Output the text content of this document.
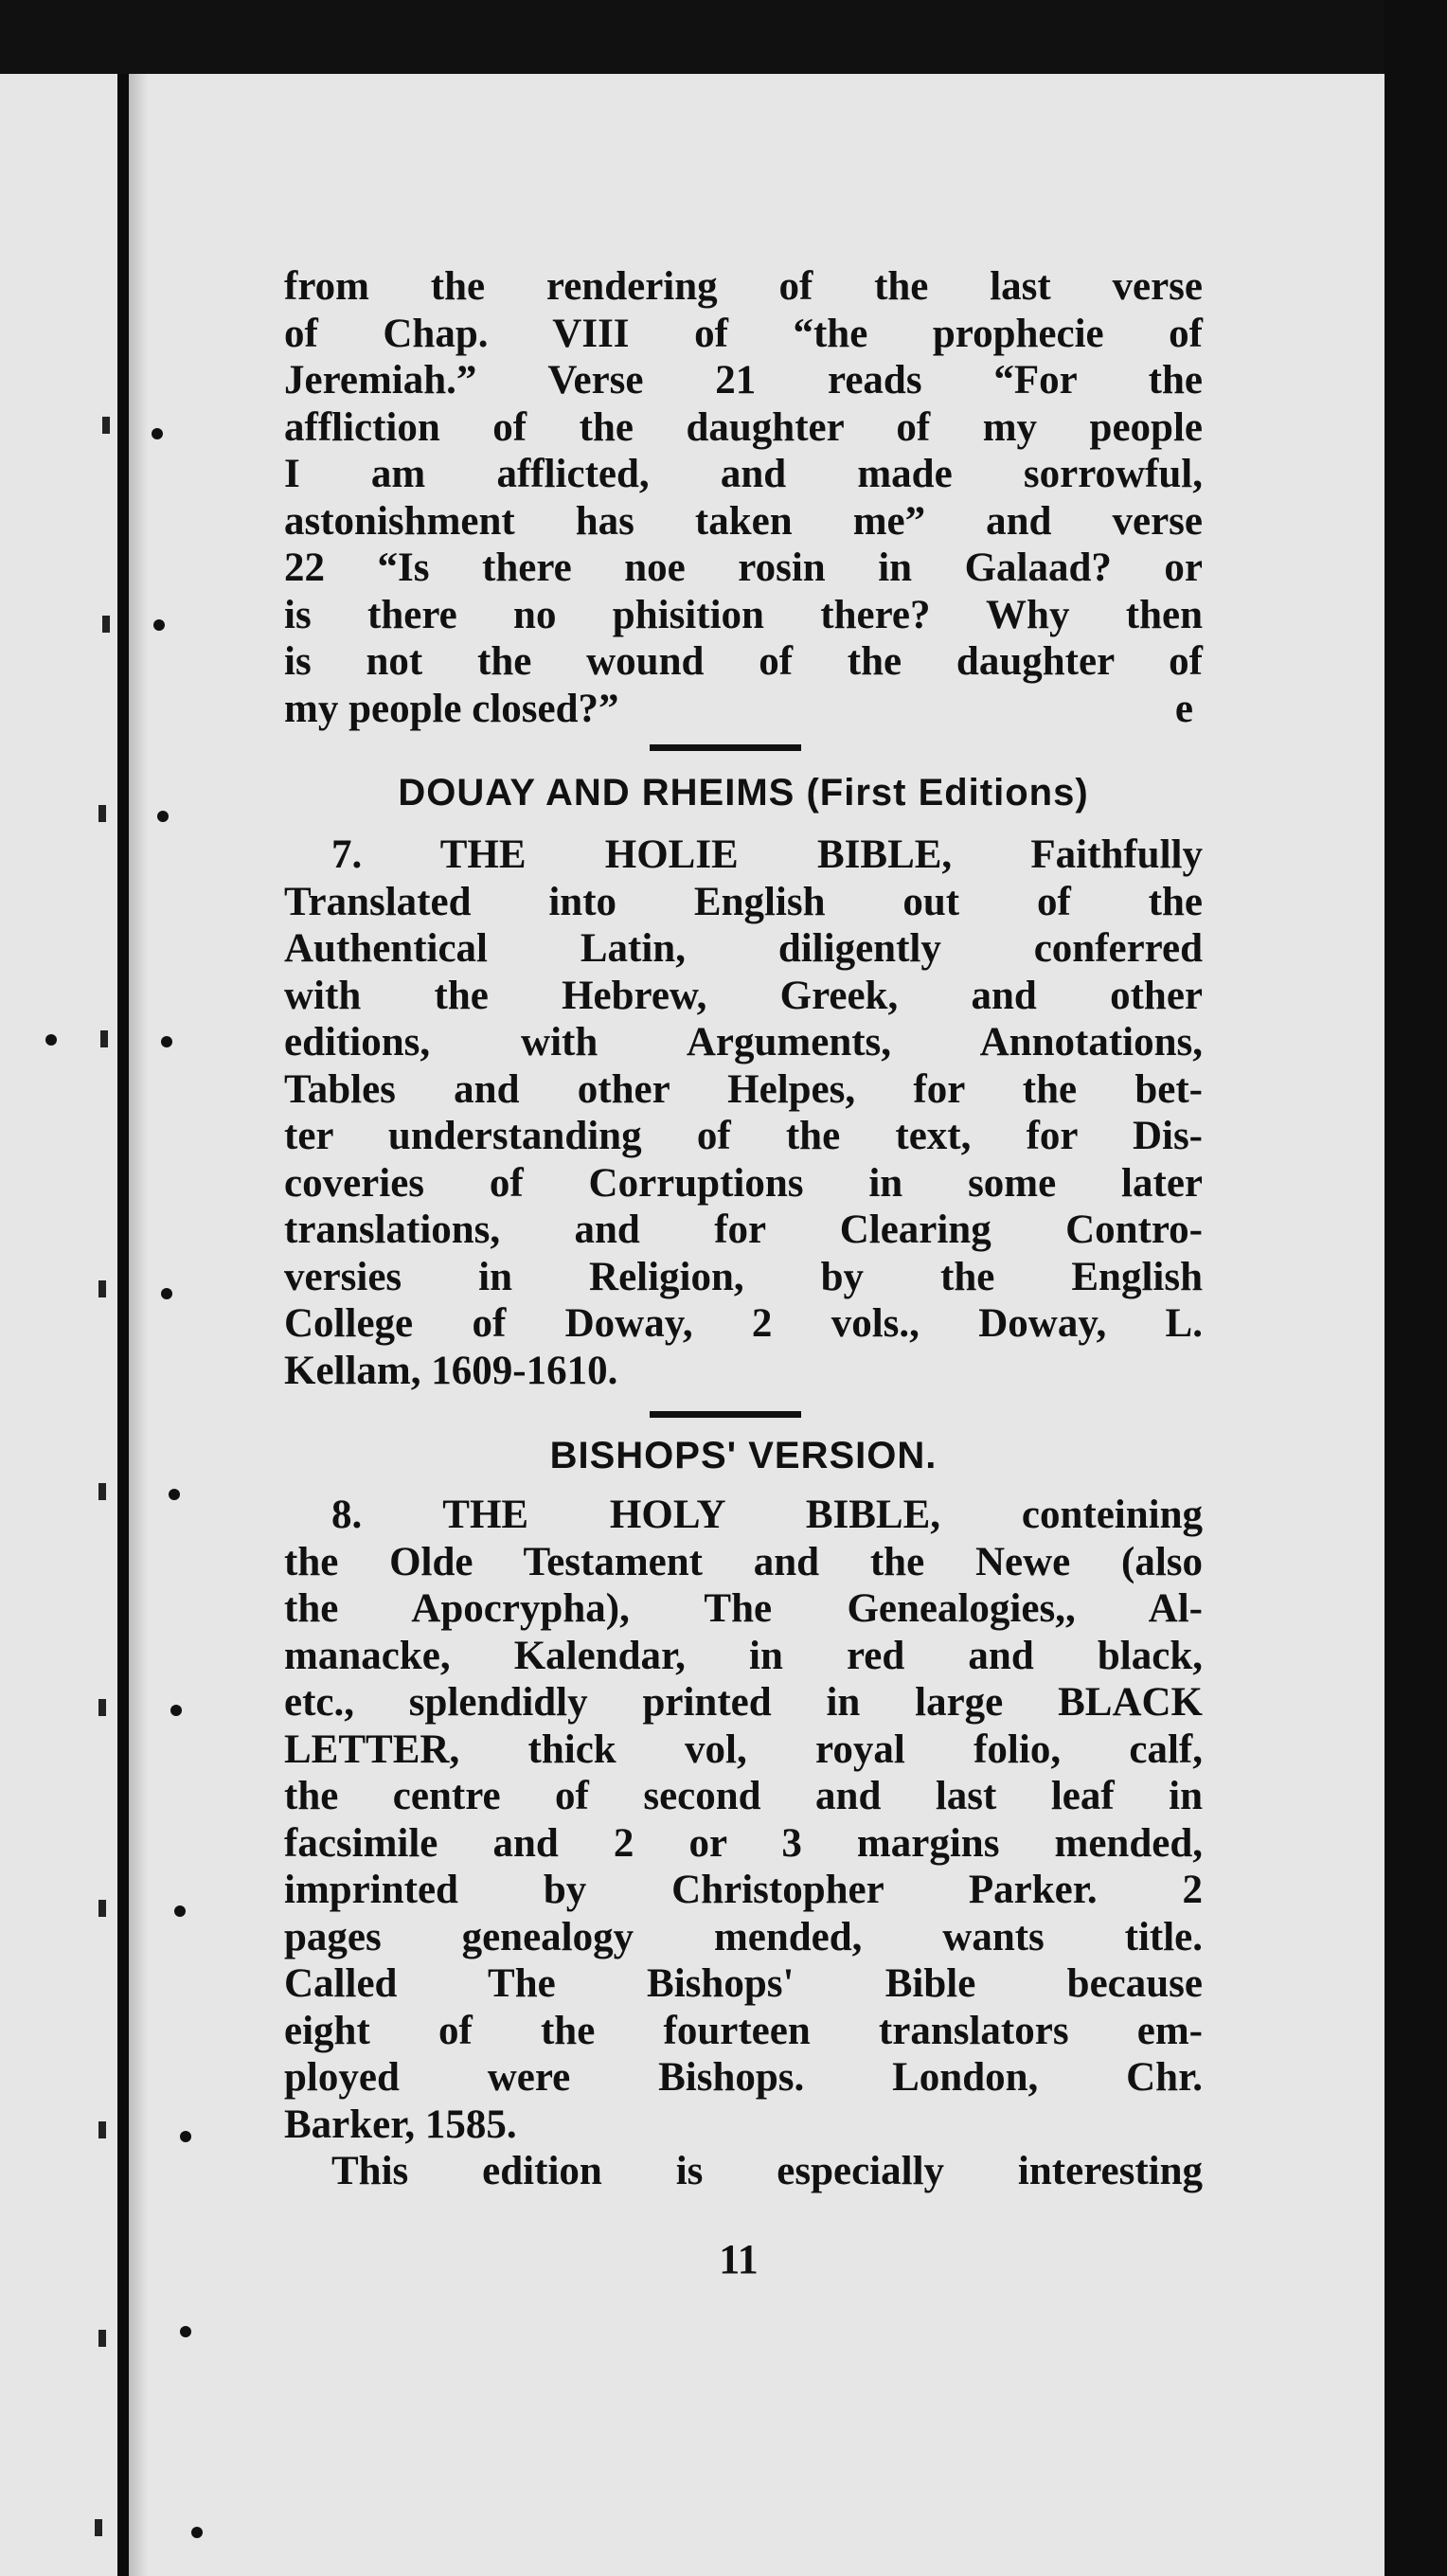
from the rendering of the last verse
of Chap. VIII of “the prophecie of
Jeremiah.” Verse 21 reads “For the
affliction of the daughter of my people
I am afflicted, and made sorrowful,
astonishment has taken me” and verse
22 “Is there noe rosin in Galaad? or
is there no phisition there? Why then
is not the wound of the daughter of
my people closed?”	e
DOUAY AND RHEIMS (First Editions)
7. THE HOLIE BIBLE, Faithfully
Translated into English out of the
Authentical Latin, diligently conferred
with the Hebrew, Greek, and other
editions, with Arguments, Annotations,
Tables and other Helpes, for the bet-
ter understanding of the text, for Dis-
coveries of Corruptions in some later
translations, and for Clearing Contro-
versies in Religion, by the English
College of Doway, 2 vols., Doway, L.
Kellam, 1609-1610.
BISHOPS' VERSION.
8. THE HOLY BIBLE, conteining
the Olde Testament and the Newe (also
the Apocrypha), The Genealogies,, Al-
manacke, Kalendar, in red and black,
etc., splendidly printed in large BLACK
LETTER, thick vol, royal folio, calf,
the centre of second and last leaf in
facsimile and 2 or 3 margins mended,
imprinted by Christopher Parker. 2
pages genealogy mended, wants title.
Called The Bishops' Bible because
eight of the fourteen translators em-
ployed were Bishops. London, Chr.
Barker, 1585.
This edition is especially interesting
11
